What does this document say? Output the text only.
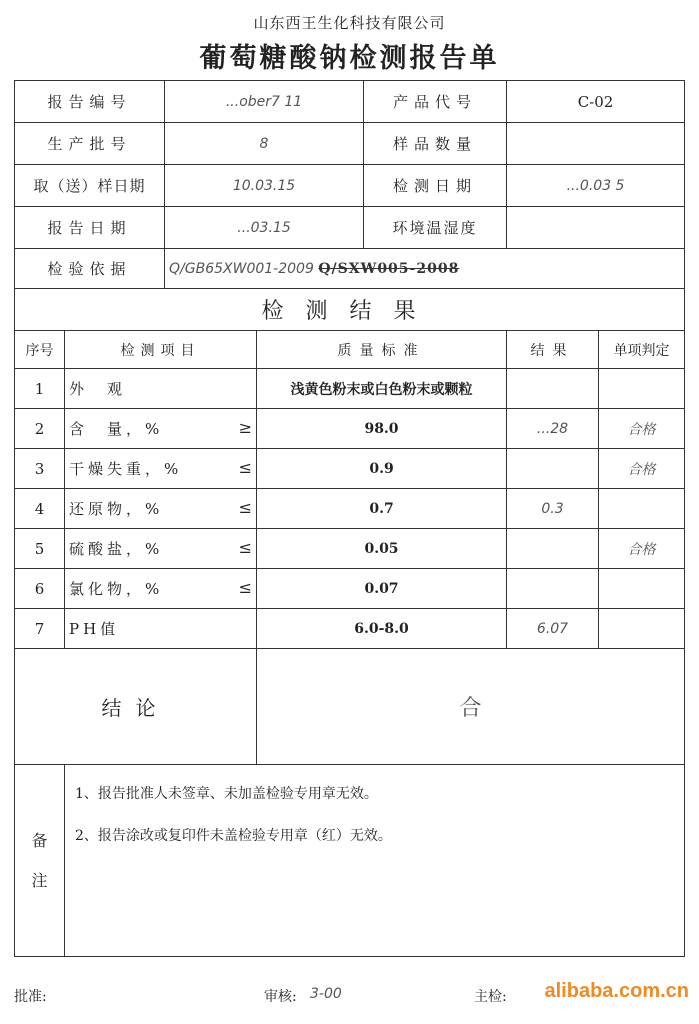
山东西王生化科技有限公司
葡萄糖酸钠检测报告单
报告编号		...ober7 11		产品代号	C-02	
生产批号		8		样品数量		
取（送）样日期		10.03.15		检测日期	...0.03 5	
报告日期		...03.15		环境温湿度		
检验依据		Q/GB65XW001-2009 Q/SXW005-2008				
检测结果						
序号	检测项目		质量标准		结果	单项判定
1	外　观		浅黄色粉末或白色粉末或颗粒			
2	含　量，% ≥		98.0		...28	合格
3	干燥失重，% ≤		0.9			合格
4	还原物，% ≤		0.7		0.3	
5	硫酸盐，% ≤		0.05			合格
6	氯化物，% ≤		0.07			
7	PH值		6.0-8.0		6.07	
结论			合			
备注	1、报告批准人未签章、未加盖检验专用章无效。
2、报告涂改或复印件未盖检验专用章（红）无效。					
批准:	审核: 3-00	主检: alibaba.com.cn
